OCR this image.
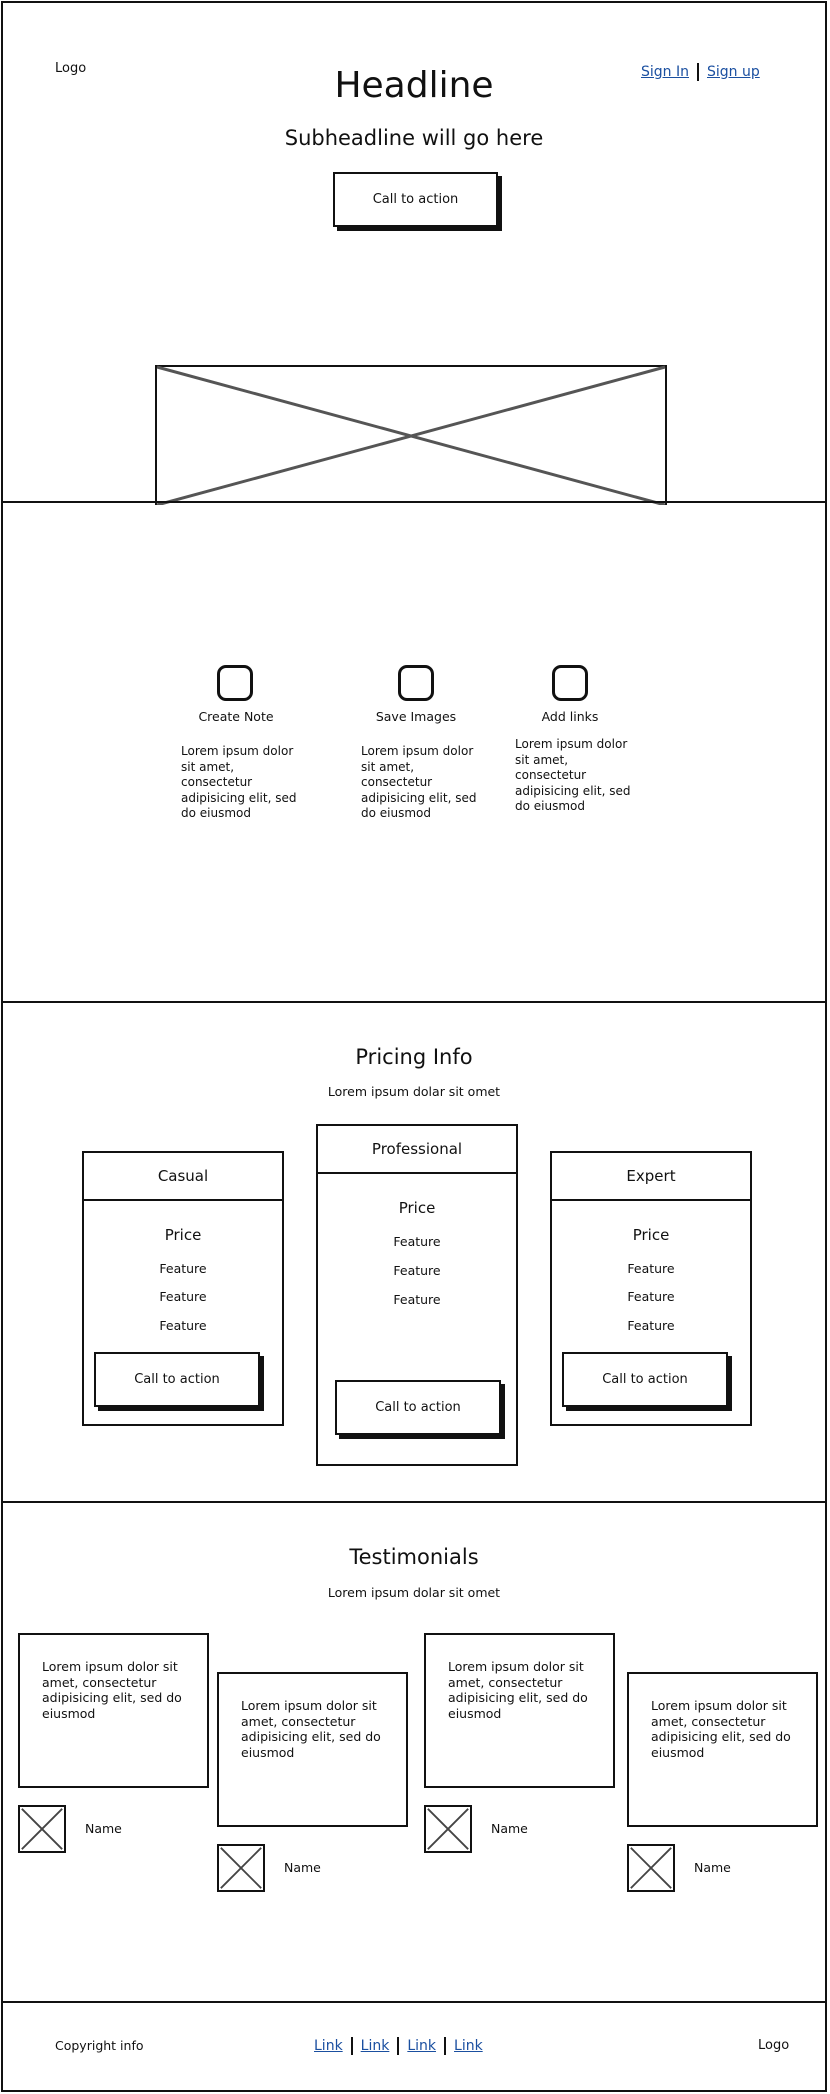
Logo	Sign In Sign up
Headline
Subheadline will go here
Call to action
Create Note
Lorem ipsum dolor sit amet, consectetur adipisicing elit, sed do eiusmod
Save Images
Lorem ipsum dolor sit amet, consectetur adipisicing elit, sed do eiusmod
Add links
Lorem ipsum dolor sit amet, consectetur adipisicing elit, sed do eiusmod
Pricing Info
Lorem ipsum dolar sit omet
Casual
Price
Feature
Feature
Feature
Call to action
Professional
Price
Feature
Feature
Feature
Call to action
Expert
Price
Feature
Feature
Feature
Call to action
Testimonials
Lorem ipsum dolar sit omet
Lorem ipsum dolor sit amet, consectetur adipisicing elit, sed do eiusmod
Name
Lorem ipsum dolor sit amet, consectetur adipisicing elit, sed do eiusmod
Name
Lorem ipsum dolor sit amet, consectetur adipisicing elit, sed do eiusmod
Name
Lorem ipsum dolor sit amet, consectetur adipisicing elit, sed do eiusmod
Name
Copyright info	Link Link Link Link	Logo
